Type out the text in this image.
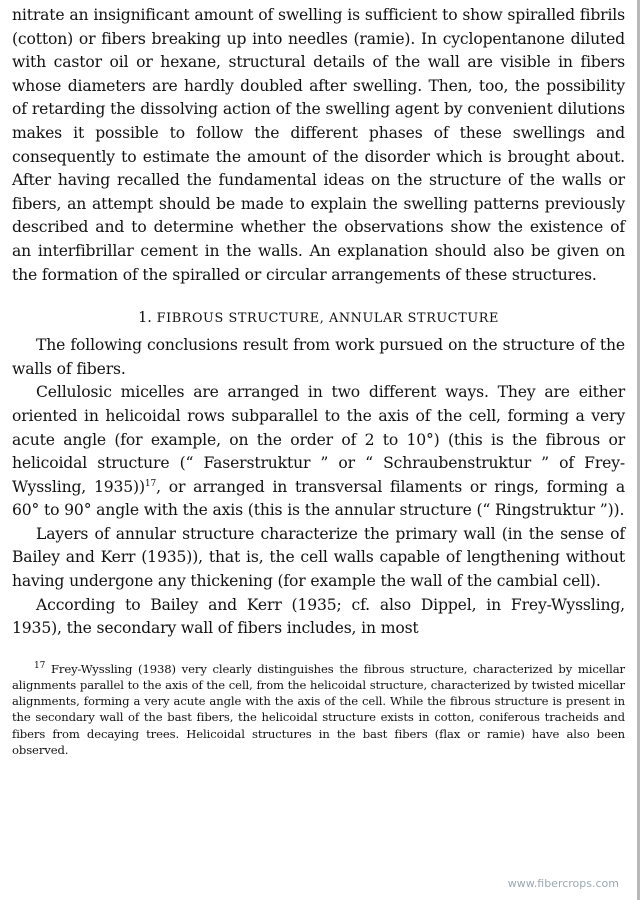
nitrate an insignificant amount of swelling is sufficient to show spiralled fibrils (cotton) or fibers breaking up into needles (ramie). In cyclopentanone diluted with castor oil or hexane, structural details of the wall are visible in fibers whose diameters are hardly doubled after swelling. Then, too, the possibility of retarding the dissolving action of the swelling agent by convenient dilutions makes it possible to follow the different phases of these swellings and consequently to estimate the amount of the disorder which is brought about. After having recalled the fundamental ideas on the structure of the walls or fibers, an attempt should be made to explain the swelling patterns previously described and to determine whether the observations show the existence of an interfibrillar cement in the walls. An explanation should also be given on the formation of the spiralled or circular arrangements of these structures.

1. FIBROUS STRUCTURE, ANNULAR STRUCTURE

The following conclusions result from work pursued on the structure of the walls of fibers.

Cellulosic micelles are arranged in two different ways. They are either oriented in helicoidal rows subparallel to the axis of the cell, forming a very acute angle (for example, on the order of 2 to 10°) (this is the fibrous or helicoidal structure (“ Faserstruktur ” or “ Schraubenstruktur ” of Frey-Wyssling, 1935))$^{17}$, or arranged in transversal filaments or rings, forming a 60° to 90° angle with the axis (this is the annular structure (“ Ringstruktur ”)).

Layers of annular structure characterize the primary wall (in the sense of Bailey and Kerr (1935)), that is, the cell walls capable of lengthening without having undergone any thickening (for example the wall of the cambial cell).

According to Bailey and Kerr (1935; cf. also Dippel, in Frey-Wyssling, 1935), the secondary wall of fibers includes, in most

$^{17}$ Frey-Wyssling (1938) very clearly distinguishes the fibrous structure, characterized by micellar alignments parallel to the axis of the cell, from the helicoidal structure, characterized by twisted micellar alignments, forming a very acute angle with the axis of the cell. While the fibrous structure is present in the secondary wall of the bast fibers, the helicoidal structure exists in cotton, coniferous tracheids and fibers from decaying trees. Helicoidal structures in the bast fibers (flax or ramie) have also been observed.
www.fibercrops.com
